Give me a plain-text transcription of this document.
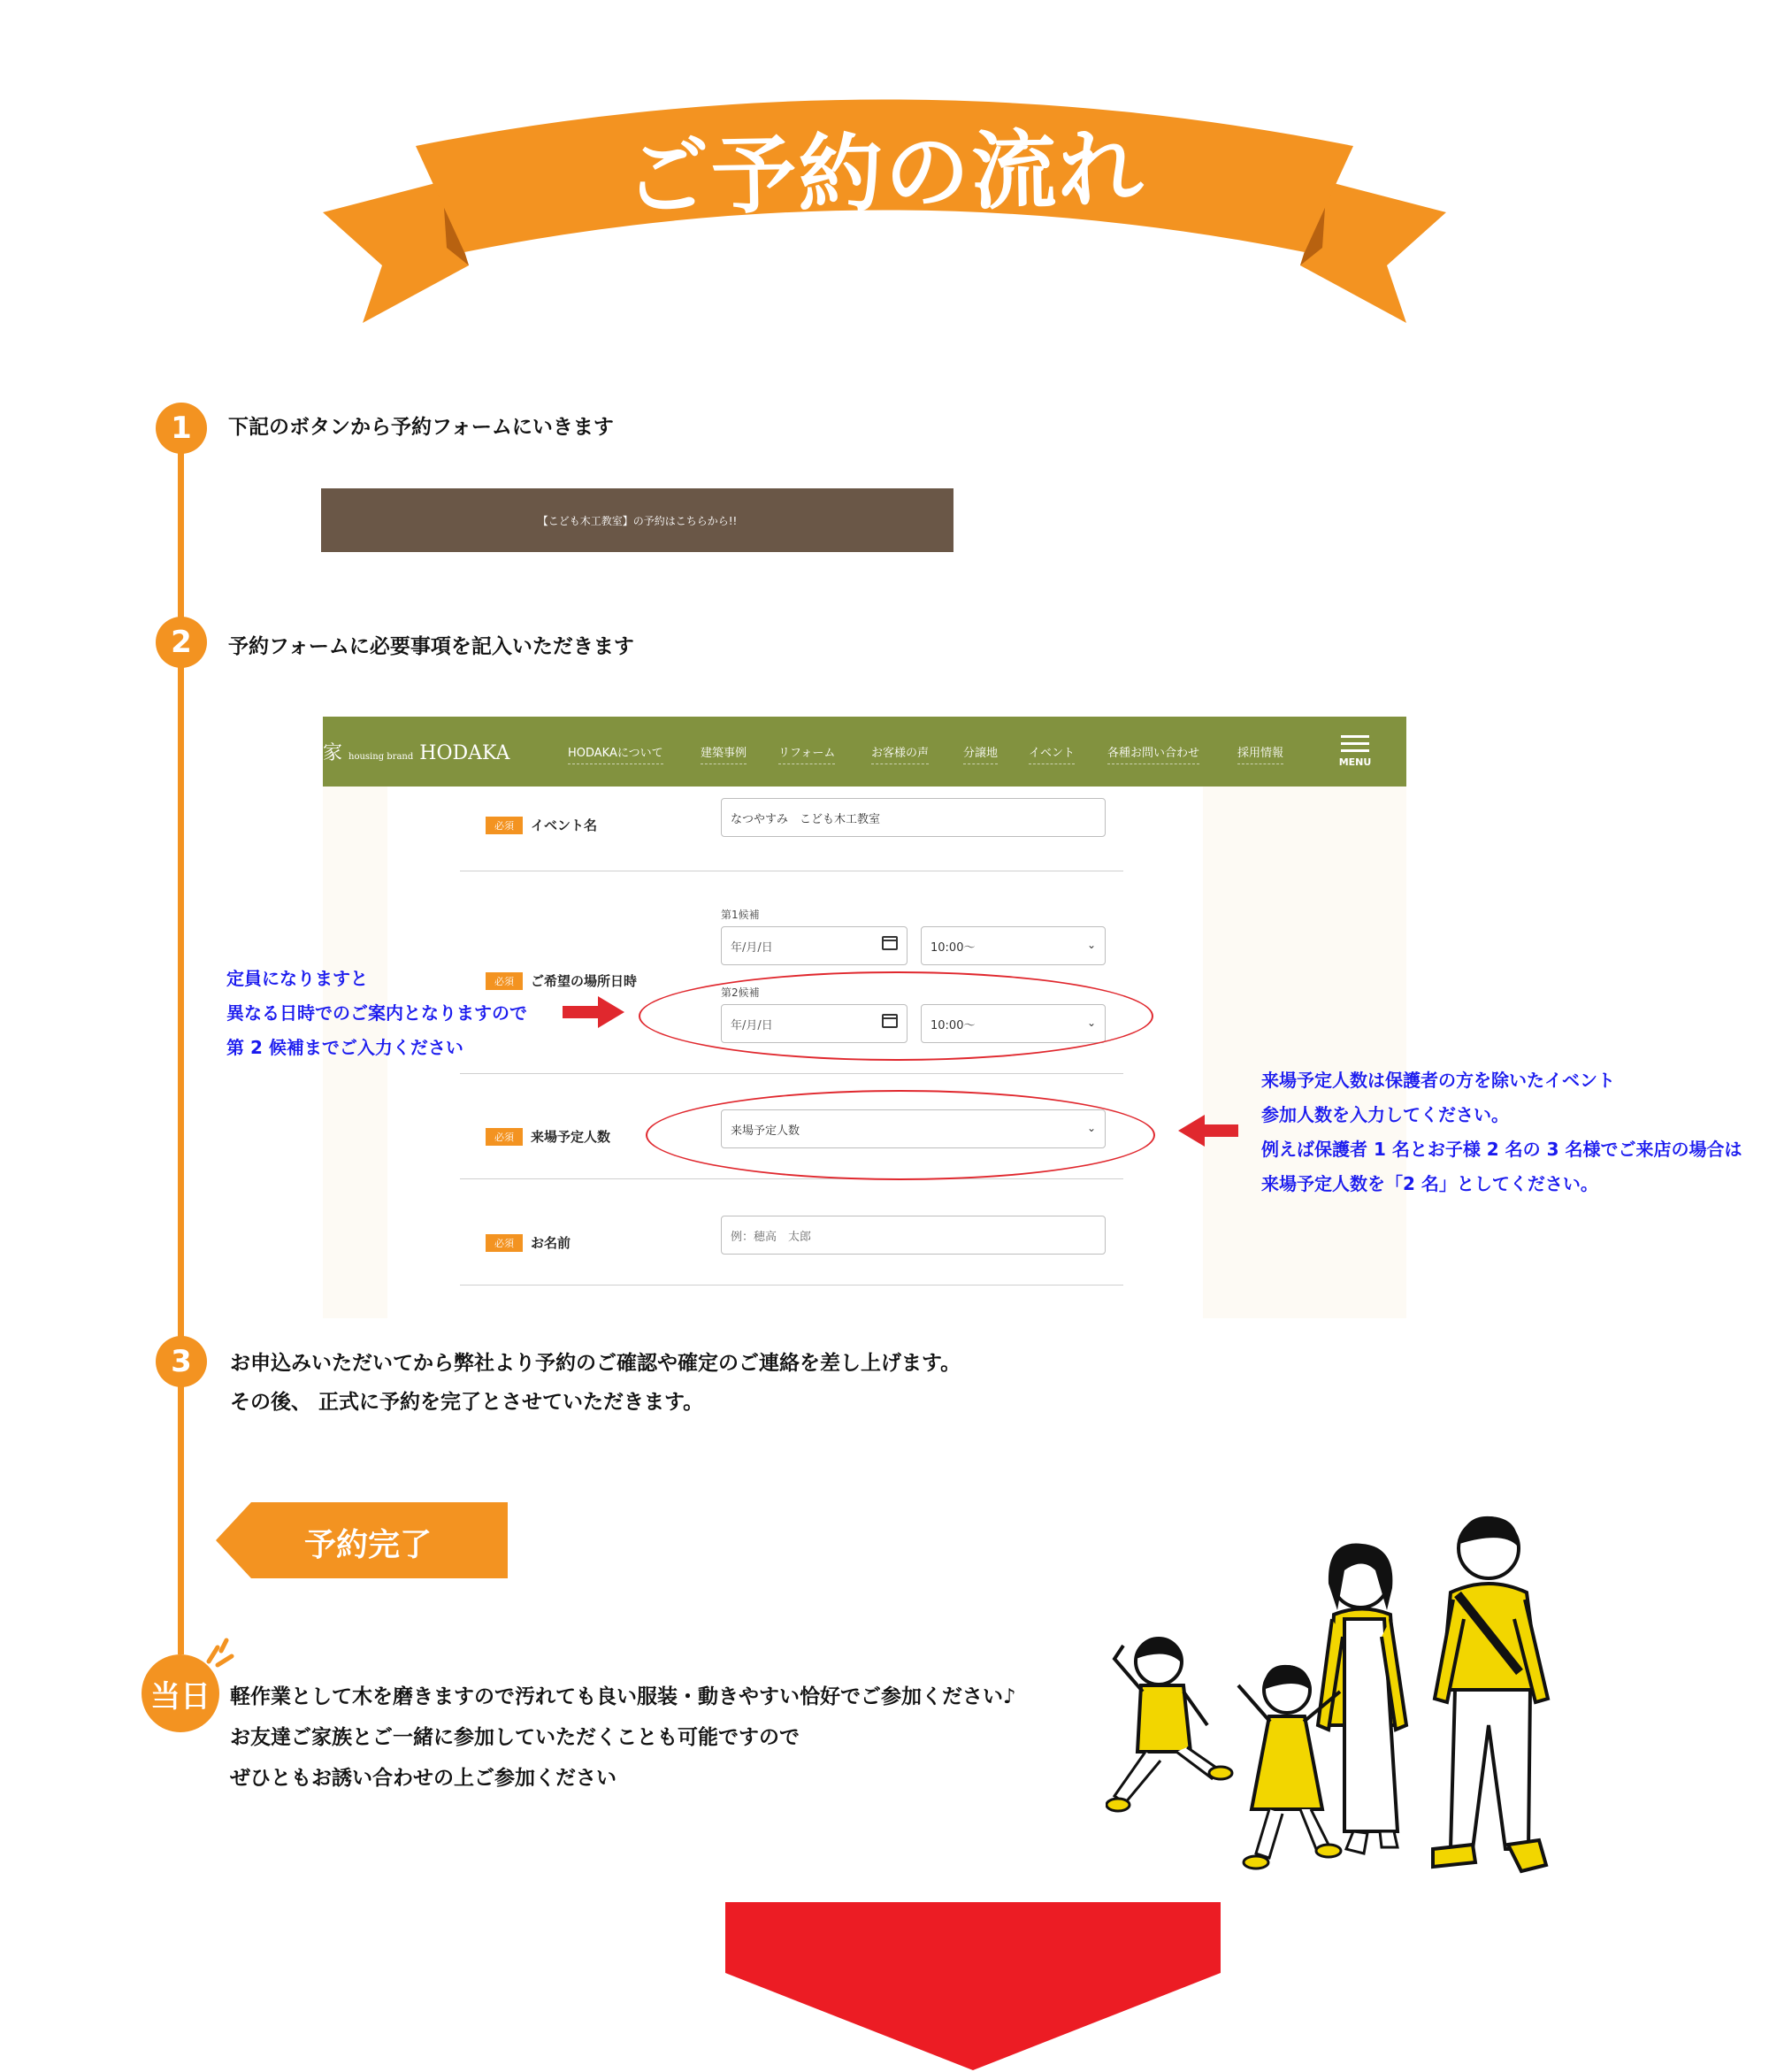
ご予約の流れ
1	下記のボタンから予約フォームにいきます
【こども木工教室】の予約はこちらから!!
2	予約フォームに必要事項を記入いただきます
家 housing brand HODAKA	HODAKAについて	建築事例	リフォーム	お客様の声	分譲地	イベント	各種お問い合わせ	採用情報
MENU
必須	イベント名	なつやすみ　こども木工教室
第1候補
年/月/日	10:00〜	⌄
必須	ご希望の場所日時
第2候補
年/月/日	10:00〜	⌄
必須	来場予定人数	来場予定人数	⌄
必須	お名前	例：穂高　太郎
定員になりますと
異なる日時でのご案内となりますので
第 2 候補までご入力ください
来場予定人数は保護者の方を除いたイベント
参加人数を入力してください。
例えば保護者 1 名とお子様 2 名の 3 名様でご来店の場合は
来場予定人数を「2 名」としてください。
3	お申込みいただいてから弊社より予約のご確認や確定のご連絡を差し上げます。
その後、 正式に予約を完了とさせていただきます。
予約完了
当日 軽作業として木を磨きますので汚れても良い服装・動きやすい恰好でご参加ください♪
お友達ご家族とご一緒に参加していただくことも可能ですので
ぜひともお誘い合わせの上ご参加ください
